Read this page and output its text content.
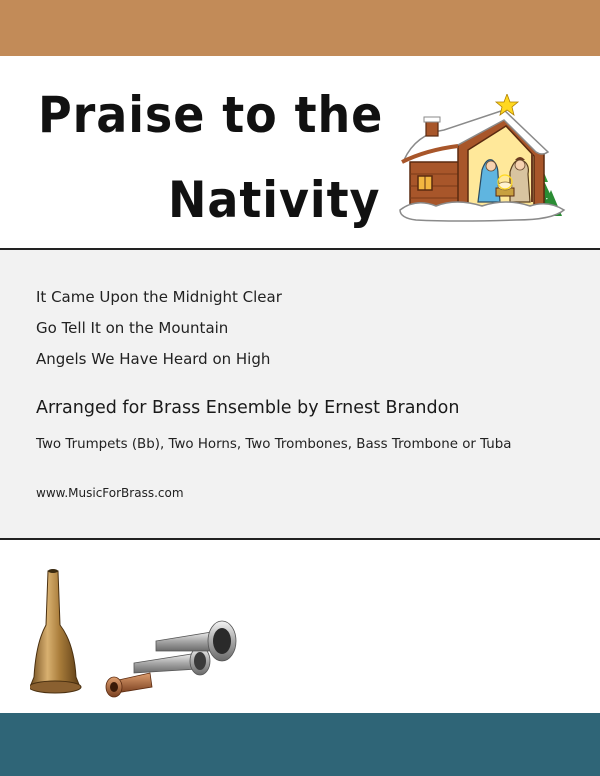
Praise to the
Nativity
It Came Upon the Midnight Clear
Go Tell It on the Mountain
Angels We Have Heard on High
Arranged for Brass Ensemble by Ernest Brandon
Two Trumpets (Bb), Two Horns, Two Trombones, Bass Trombone or Tuba
www.MusicForBrass.com
